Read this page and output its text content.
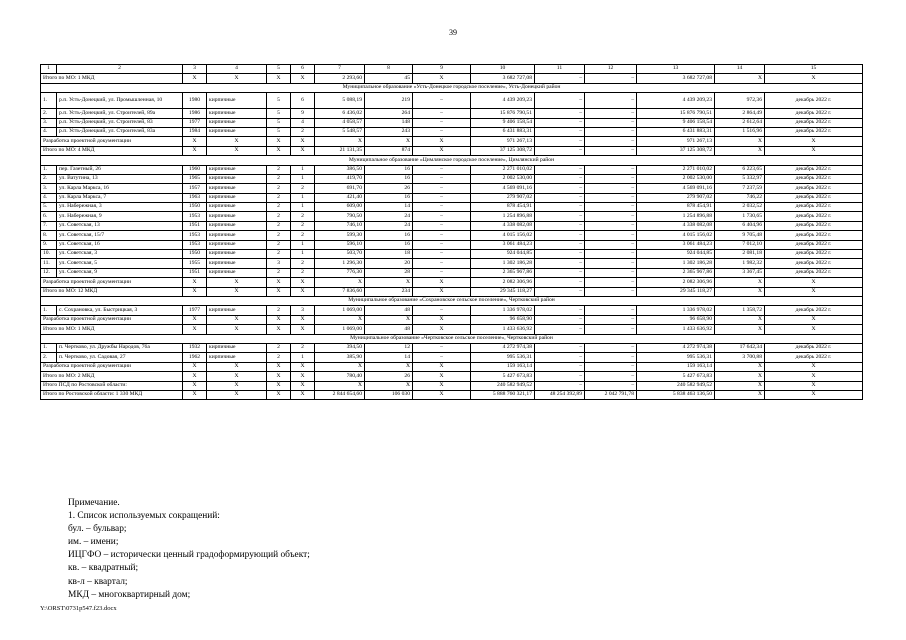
39
1	2	3	4	5	6	7	8	9	10	11	12	13	14	15
Итого по МО: 1 МКД		X	X	X	X	2 293,60	45	X	3 682 727,08	–	–	3 682 727,08	X	X
Муниципальное образование «Усть-Донецкое городское поселение», Усть-Донецкий район														
1.	р.п. Усть-Донецкий, ул. Промышленная, 10	1980	кирпичные	5	6	5 088,19	219	–	4 439 209,23	–	–	4 439 209,23	972,36	декабрь 2022 г.
2.	р.п. Усть-Донецкий, ул. Строителей, 89а	1986	кирпичные	5	9	6 436,02	264	–	15 876 790,51	–	–	15 876 790,51	2 864,49	декабрь 2022 г.
3.	р.п. Усть-Донецкий, ул. Строителей, 83	1977	кирпичные	5	4	4 058,57	148	–	9 406 158,54	–	–	9 406 158,54	2 612,64	декабрь 2022 г.
4.	р.п. Усть-Донецкий, ул. Строителей, 83а	1984	кирпичные	5	2	5 548,57	243	–	6 431 883,31	–	–	6 431 883,31	1 516,96	декабрь 2022 г.
Разработка проектной документации		X	X	X	X	X	X	X	971 267,13	–	–	971 267,13	X	X
Итого по МО: 4 МКД		X	X	X	X	21 131,35	874	X	37 125 308,72	–	–	37 125 308,72	X	X
Муниципальное образование «Цимлянское городское поселение», Цимлянский район														
1.	пер. Газетный, 26	1960	кирпичные	2	1	386,50	16	–	2 271 010,02	–	–	2 271 010,02	6 223,65	декабрь 2022 г.
2.	ул. Ватутина, 13	1965	кирпичные	2	1	419,70	16	–	2 002 530,00	–	–	2 002 530,00	5 332,97	декабрь 2022 г.
3.	ул. Карла Маркса, 16	1957	кирпичные	2	2	691,70	26	–	4 569 091,16	–	–	4 569 091,16	7 237,59	декабрь 2022 г.
4.	ул. Карла Маркса, 7	1963	кирпичные	2	1	421,40	16	–	279 907,02	–	–	279 907,02	746,22	декабрь 2022 г.
5.	ул. Набережная, 3	1950	кирпичные	2	1	609,00	14	–	878 454,91	–	–	878 454,91	2 032,52	декабрь 2022 г.
6.	ул. Набережная, 9	1953	кирпичные	2	2	790,50	24	–	1 254 896,88	–	–	1 254 896,88	1 730,65	декабрь 2022 г.
7.	ул. Советская, 13	1951	кирпичные	2	2	746,10	24	–	4 338 082,08	–	–	4 338 082,08	6 404,96	декабрь 2022 г.
8.	ул. Советская, 15/7	1953	кирпичные	2	2	599,30	16	–	4 015 156,02	–	–	4 015 156,02	9 705,48	декабрь 2022 г.
9.	ул. Советская, 16	1953	кирпичные	2	1	596,10	16	–	3 061 484,23	–	–	3 061 484,23	7 012,10	декабрь 2022 г.
10.	ул. Советская, 3	1950	кирпичные	2	1	503,70	18	–	924 044,85	–	–	924 044,85	2 081,18	декабрь 2022 г.
11.	ул. Советская, 5	1955	кирпичные	3	2	1 296,30	20	–	1 302 186,28	–	–	1 302 186,28	1 982,32	декабрь 2022 г.
12.	ул. Советская, 9	1951	кирпичные	2	2	776,30	28	–	2 365 967,86	–	–	2 365 967,86	3 367,45	декабрь 2022 г.
Разработка проектной документации		X	X	X	X	X	X	X	2 082 306,96	–	–	2 082 306,96	X	X
Итого по МО: 12 МКД		X	X	X	X	7 836,60	234	X	29 345 118,27	–	–	29 345 118,27	X	X
Муниципальное образование «Сохрановское сельское поселение», Чертковский район														
1.	с. Сохрановка, ул. Быстрицкая, 3	1977	кирпичные	2	3	1 069,00	48	–	1 336 978,02	–	–	1 336 978,02	1 358,72	декабрь 2022 г.
Разработка проектной документации		X	X	X	X	X	X	X	96 658,90	–	–	96 658,90	X	X
Итого по МО: 1 МКД		X	X	X	X	1 069,00	48	X	1 433 636,92	–	–	1 433 636,92	X	X
Муниципальное образование «Чертковское сельское поселение», Чертковский район														
1.	п. Чертково, ул. Дружбы Народов, 76а	1932	кирпичные	2	2	394,50	12	–	4 272 974,38	–	–	4 272 974,38	17 642,34	декабрь 2022 г.
2.	п. Чертково, ул. Садовая, 27	1962	кирпичные	2	1	385,90	14	–	995 536,31	–	–	995 536,31	3 700,88	декабрь 2022 г.
Разработка проектной документации		X	X	X	X	X	X	X	159 163,14	–	–	159 163,14	X	X
Итого по МО: 2 МКД		X	X	X	X	780,40	26	X	5 427 673,83	–	–	5 427 673,83	X	X
Итого ПСД по Ростовской области:		X	X	X	X	X	X	X	240 582 949,52	–	–	240 582 949,52	X	X
Итого по Ростовской области: 1 330 МКД		X	X	X	X	2 844 654,60	106 030	X	5 888 760 321,17	48 254 392,89	2 042 791,78	5 838 463 136,50	X	X
Примечание.
1. Список используемых сокращений:
бул. – бульвар;
им. – имени;
ИЦГФО – исторически ценный градоформирующий объект;
кв. – квадратный;
кв-л – квартал;
МКД – многоквартирный дом;
Y:\ORST\0731p547.f23.docx
